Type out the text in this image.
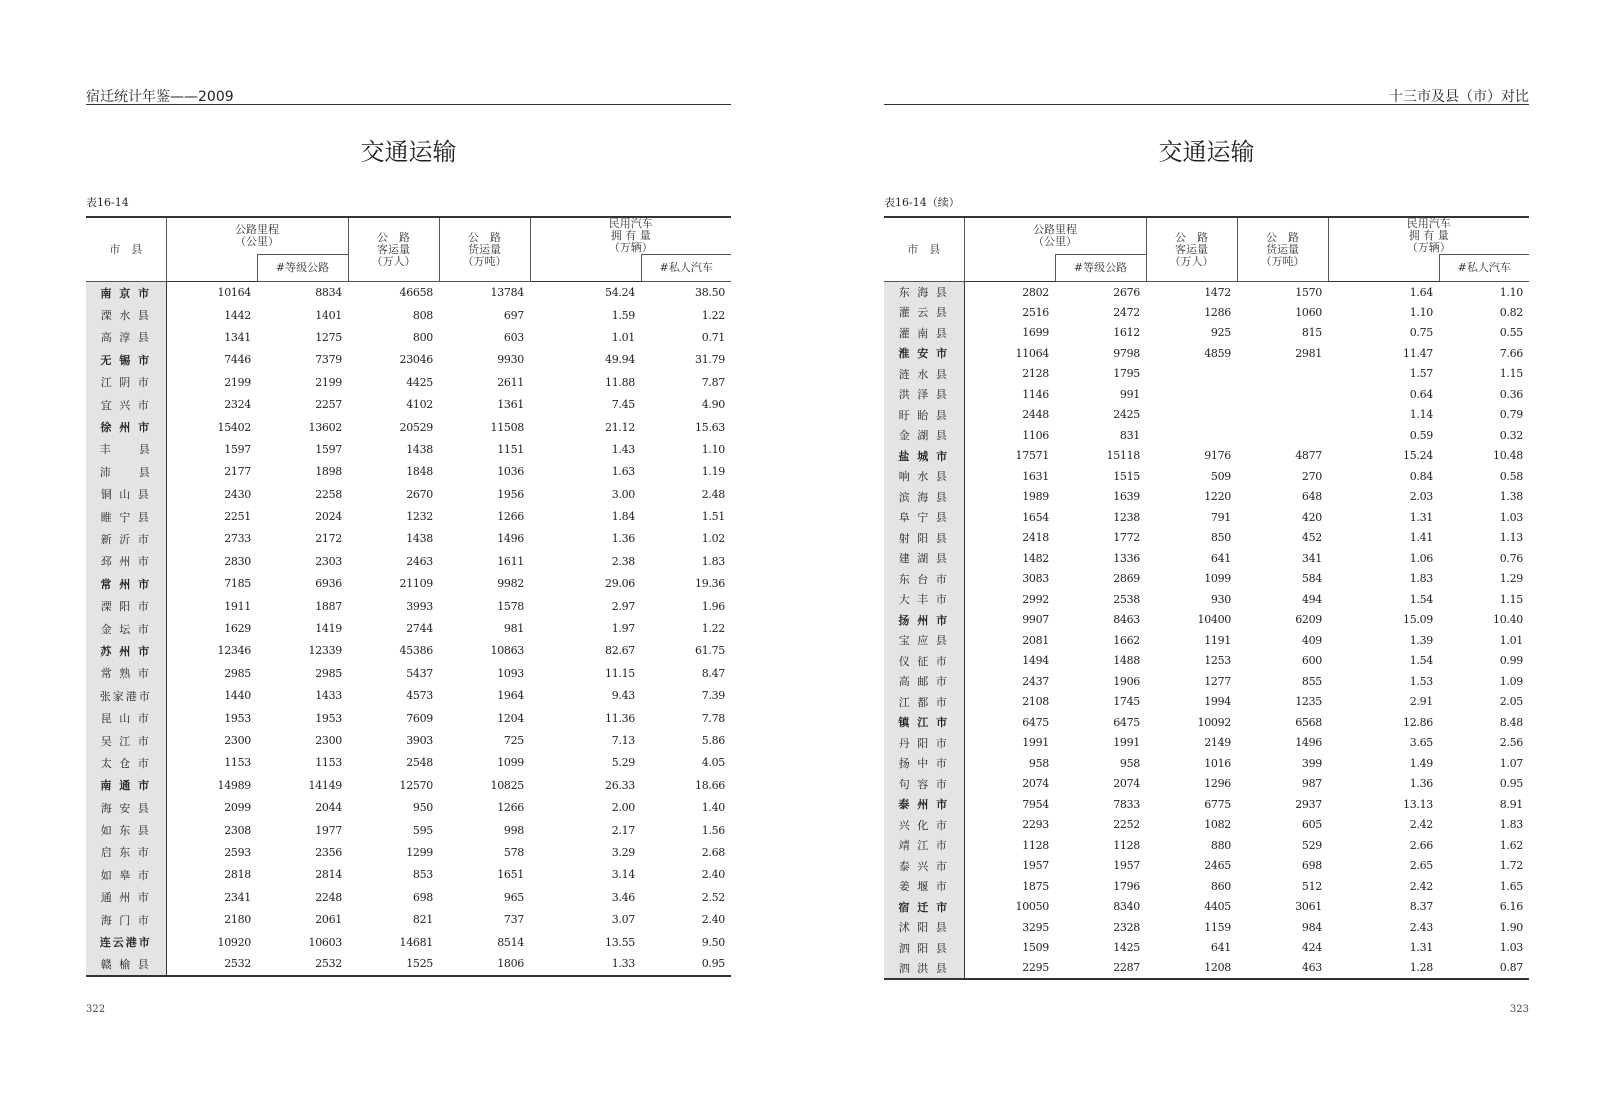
宿迁统计年鉴——2009
交通运输
表16-14
市　县	公路里程
（公里）		公　路
客运量
（万人）	公　路
货运量
（万吨）	民用汽车
拥 有 量
（万辆）	

		#等级公路				#私人汽车
南 京 市	10164	8834	46658	13784	54.24	38.50
溧 水 县	1442	1401	808	697	1.59	1.22
高 淳 县	1341	1275	800	603	1.01	0.71
无 锡 市	7446	7379	23046	9930	49.94	31.79
江 阴 市	2199	2199	4425	2611	11.88	7.87
宜 兴 市	2324	2257	4102	1361	7.45	4.90
徐 州 市	15402	13602	20529	11508	21.12	15.63
丰　　县	1597	1597	1438	1151	1.43	1.10
沛　　县	2177	1898	1848	1036	1.63	1.19
铜 山 县	2430	2258	2670	1956	3.00	2.48
睢 宁 县	2251	2024	1232	1266	1.84	1.51
新 沂 市	2733	2172	1438	1496	1.36	1.02
邳 州 市	2830	2303	2463	1611	2.38	1.83
常 州 市	7185	6936	21109	9982	29.06	19.36
溧 阳 市	1911	1887	3993	1578	2.97	1.96
金 坛 市	1629	1419	2744	981	1.97	1.22
苏 州 市	12346	12339	45386	10863	82.67	61.75
常 熟 市	2985	2985	5437	1093	11.15	8.47
张家港市	1440	1433	4573	1964	9.43	7.39
昆 山 市	1953	1953	7609	1204	11.36	7.78
吴 江 市	2300	2300	3903	725	7.13	5.86
太 仓 市	1153	1153	2548	1099	5.29	4.05
南 通 市	14989	14149	12570	10825	26.33	18.66
海 安 县	2099	2044	950	1266	2.00	1.40
如 东 县	2308	1977	595	998	2.17	1.56
启 东 市	2593	2356	1299	578	3.29	2.68
如 皋 市	2818	2814	853	1651	3.14	2.40
通 州 市	2341	2248	698	965	3.46	2.52
海 门 市	2180	2061	821	737	3.07	2.40
连云港市	10920	10603	14681	8514	13.55	9.50
赣 榆 县	2532	2532	1525	1806	1.33	0.95
322
十三市及县（市）对比
交通运输
表16-14（续）
市　县	公路里程
（公里）		公　路
客运量
（万人）	公　路
货运量
（万吨）	民用汽车
拥 有 量
（万辆）	

		#等级公路				#私人汽车
东 海 县	2802	2676	1472	1570	1.64	1.10
灌 云 县	2516	2472	1286	1060	1.10	0.82
灌 南 县	1699	1612	925	815	0.75	0.55
淮 安 市	11064	9798	4859	2981	11.47	7.66
涟 水 县	2128	1795			1.57	1.15
洪 泽 县	1146	991			0.64	0.36
盱 眙 县	2448	2425			1.14	0.79
金 湖 县	1106	831			0.59	0.32
盐 城 市	17571	15118	9176	4877	15.24	10.48
响 水 县	1631	1515	509	270	0.84	0.58
滨 海 县	1989	1639	1220	648	2.03	1.38
阜 宁 县	1654	1238	791	420	1.31	1.03
射 阳 县	2418	1772	850	452	1.41	1.13
建 湖 县	1482	1336	641	341	1.06	0.76
东 台 市	3083	2869	1099	584	1.83	1.29
大 丰 市	2992	2538	930	494	1.54	1.15
扬 州 市	9907	8463	10400	6209	15.09	10.40
宝 应 县	2081	1662	1191	409	1.39	1.01
仪 征 市	1494	1488	1253	600	1.54	0.99
高 邮 市	2437	1906	1277	855	1.53	1.09
江 都 市	2108	1745	1994	1235	2.91	2.05
镇 江 市	6475	6475	10092	6568	12.86	8.48
丹 阳 市	1991	1991	2149	1496	3.65	2.56
扬 中 市	958	958	1016	399	1.49	1.07
句 容 市	2074	2074	1296	987	1.36	0.95
泰 州 市	7954	7833	6775	2937	13.13	8.91
兴 化 市	2293	2252	1082	605	2.42	1.83
靖 江 市	1128	1128	880	529	2.66	1.62
泰 兴 市	1957	1957	2465	698	2.65	1.72
姜 堰 市	1875	1796	860	512	2.42	1.65
宿 迁 市	10050	8340	4405	3061	8.37	6.16
沭 阳 县	3295	2328	1159	984	2.43	1.90
泗 阳 县	1509	1425	641	424	1.31	1.03
泗 洪 县	2295	2287	1208	463	1.28	0.87
323
